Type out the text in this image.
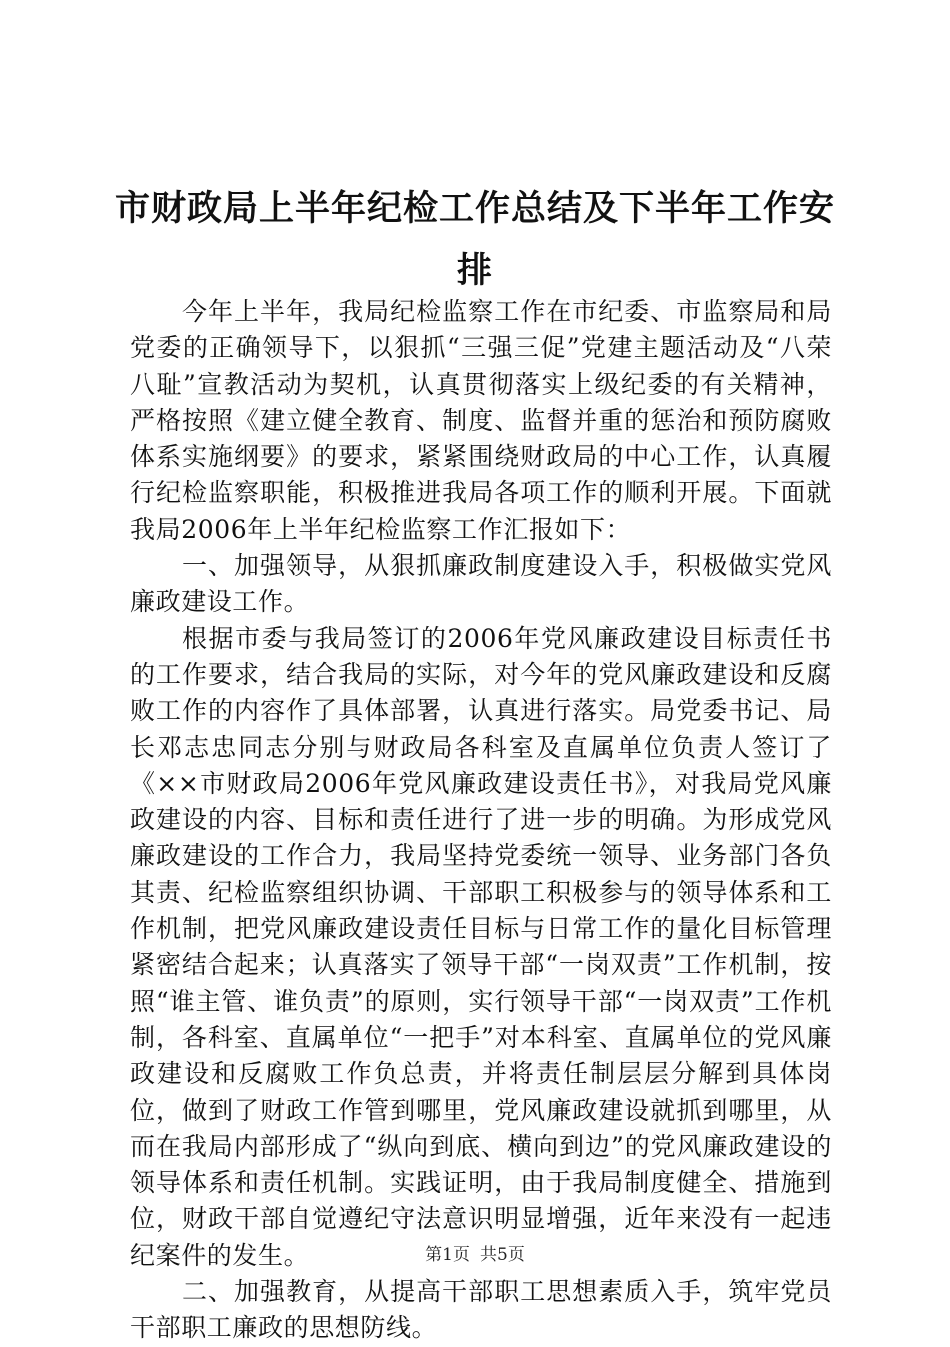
市财政局上半年纪检工作总结及下半年工作安排

今年上半年，我局纪检监察工作在市纪委、市监察局和局党委的正确领导下，以狠抓“三强三促”党建主题活动及“八荣八耻”宣教活动为契机，认真贯彻落实上级纪委的有关精神，严格按照《建立健全教育、制度、监督并重的惩治和预防腐败体系实施纲要》的要求，紧紧围绕财政局的中心工作，认真履行纪检监察职能，积极推进我局各项工作的顺利开展。下面就我局2006年上半年纪检监察工作汇报如下：

一、加强领导，从狠抓廉政制度建设入手，积极做实党风廉政建设工作。

根据市委与我局签订的2006年党风廉政建设目标责任书的工作要求，结合我局的实际，对今年的党风廉政建设和反腐败工作的内容作了具体部署，认真进行落实。局党委书记、局长邓志忠同志分别与财政局各科室及直属单位负责人签订了《××市财政局2006年党风廉政建设责任书》，对我局党风廉政建设的内容、目标和责任进行了进一步的明确。为形成党风廉政建设的工作合力，我局坚持党委统一领导、业务部门各负其责、纪检监察组织协调、干部职工积极参与的领导体系和工作机制，把党风廉政建设责任目标与日常工作的量化目标管理紧密结合起来；认真落实了领导干部“一岗双责”工作机制，按照“谁主管、谁负责”的原则，实行领导干部“一岗双责”工作机制，各科室、直属单位“一把手”对本科室、直属单位的党风廉政建设和反腐败工作负总责，并将责任制层层分解到具体岗位，做到了财政工作管到哪里，党风廉政建设就抓到哪里，从而在我局内部形成了“纵向到底、横向到边”的党风廉政建设的领导体系和责任机制。实践证明，由于我局制度健全、措施到位，财政干部自觉遵纪守法意识明显增强，近年来没有一起违纪案件的发生。

二、加强教育，从提高干部职工思想素质入手，筑牢党员干部职工廉政的思想防线。

第1页 共5页
